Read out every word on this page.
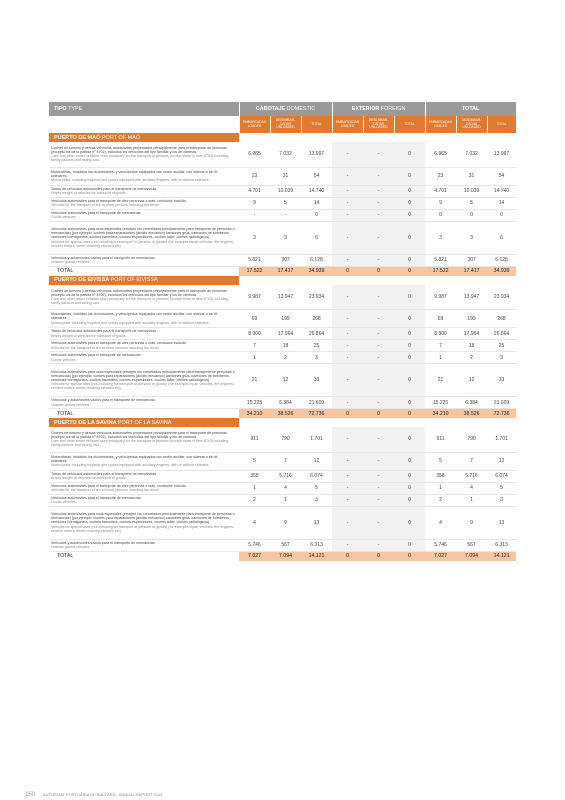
TIPO TYPE	CABOTAJE DOMESTIC			EXTERIOR FOREIGN			TOTAL		
	EMBARCADAS LOADED	DESEMBAR-CADAS UNLOADED	TOTAL	EMBARCADAS LOADED	DESEMBAR-CADAS UNLOADED	TOTAL	EMBARCADAS LOADED	DESEMBAR-CADAS UNLOADED	TOTAL
PUERTO DE MAÓ PORT OF MAÓ									
Coches de turismo y demás vehículos automóviles proyectados principalmente para el transporte de personas (excepto los de la partida nº 8702), incluidos los vehículos del tipo familiar y los de carreras.
Cars and other motor vehicles used principally for the transport of persons (except those in item 8702) including family saloons and racing cars.	6.965	7.032	13.997	-	-	0	6.965	7.032	13.997
Motocicletas, incluidos los ciclomotores, y velocípedos equipados con motor auxiliar, con sidecar o sin él; sidecares.
Motorcycles, including mopeds and cycles equipped with auxiliary engines, with or without sidecars.	23	31	54	-	-	0	23	31	54
Tarros de vehículos automóviles para el transporte de mercancías.
Empty weight of vehicles for transport of goods.	4.701	10.039	14.740	-	-	0	4.701	10.039	14.740
Vehículos automóviles para el transporte de diez personas o más, conductor incluido.
Vehicles for the transport of ten or more persons including the driver.	9	5	14	-	-	0	9	5	14
Vehículos automóviles para el transporte de mercancías.
Goods vehicles.	-	-	0	-	-	0	0	0	0
Vehículos automóviles para usos especiales (excepto los concebidos principalmente para transporte de personas o mercancías) [por ejemplo: coches para reparaciones (auxilio mecánico) camiones grúa, camiones de bomberos, camiones hormigonera, coches barredera, coches esparcidores, coches taller, coches radiológicos].
Vehicles for special uses (not including for transport or persons or goods) (for example repair vehicles, fire engines, cement mixers, street cleaning vehicles etc).	3	3	6	-	-	0	3	3	6
Vehículos y automóviles vacíos para el transporte de mercancías.
Unladen goods vehicles.	5.821	307	6.128	-	-	0	5.821	307	6.128
TOTAL	17.522	17.417	34.939	0	0	0	17.522	17.417	34.939
PUERTO DE EIVISSA PORT OF EIVISSA									
Coches de turismo y demás vehículos automóviles proyectados principalmente para el transporte de personas (excepto los de la partida nº 8702), incluidos los vehículos del tipo familiar y los de carreras.
Cars and other motor vehicles used principally for the transport of persons (except those in item 8702) including family saloons and racing cars.	9.987	13.947	23.934	-	-	0	9.987	13.947	23.934
Motocicletas, incluidos los ciclomotores, y velocípedos equipados con motor auxiliar, con sidecar o sin él; sidecares.
Motorcycles, including mopeds and cycles equipped with auxiliary engines, with or without sidecars.	69	199	268	-	-	0	69	199	268
Tarros de vehículos automóviles para el transporte de mercancías.
Empty weight of vehicles for transport of goods.	8.900	17.964	26.864	-	-	0	8.900	17.964	26.864
Vehículos automóviles para el transporte de diez personas o más, conductor incluido.
Vehicles for the transport of ten or more persons including the driver.	7	18	25	-	-	0	7	18	25
Vehículos automóviles para el transporte de mercancías.
Goods vehicles.	1	2	3	-	-	0	1	2	3
Vehículos automóviles para usos especiales (excepto los concebidos principalmente para transporte de personas o mercancías) [por ejemplo: coches para reparaciones (auxilio mecánico) camiones grúa, camiones de bomberos, camiones hormigonera, coches barredera, coches esparcidores, coches taller, coches radiológicos].
Vehicles for special uses (not including for transport or persons or goods) (for example repair vehicles, fire engines, cement mixers, street cleaning vehicles etc).	21	12	33	-	-	0	21	12	33
Vehículos y automóviles vacíos para el transporte de mercancías.
Unladen goods vehicles.	15.225	6.384	21.609	-	-	0	15.225	6.384	21.609
TOTAL	34.210	38.526	72.736	0	0	0	34.210	38.526	72.736
PUERTO DE LA SAVINA PORT OF LA SAVINA									
Coches de turismo y demás vehículos automóviles proyectados principalmente para el transporte de personas (excepto los de la partida nº 8702), incluidos los vehículos del tipo familiar y los de carreras.
Cars and other motor vehicles used principally for the transport of persons (except those in item 8702) including family saloons and racing cars.	911	790	1.701	-	-	0	911	790	1.701
Motocicletas, incluidos los ciclomotores, y velocípedos equipados con motor auxiliar, con sidecar o sin él; sidecares.
Motorcycles, including mopeds and cycles equipped with auxiliary engines, with or without sidecars.	5	7	12	-	-	0	5	7	12
Tarros de vehículos automóviles para el transporte de mercancías.
Empty weight of vehicles for transport of goods.	358	5.716	6.074	-	-	0	358	5.716	6.074
Vehículos automóviles para el transporte de diez personas o más, conductor incluido.
Vehicles for the transport of ten or more persons including the driver.	1	4	5	-	-	0	1	4	5
Vehículos automóviles para el transporte de mercancías.
Goods vehicles.	2	1	3	-	-	0	2	1	3
Vehículos automóviles para usos especiales (excepto los concebidos principalmente para transporte de personas o mercancías) [por ejemplo: coches para reparaciones (auxilio mecánico) camiones grúa, camiones de bomberos, camiones hormigonera, coches barredera, coches esparcidores, coches taller, coches radiológicos].
Vehicles for special uses (not including for transport or persons or goods) (for example repair vehicles, fire engines, cement mixers, street cleaning vehicles etc).	4	9	13	-	-	0	4	9	13
Vehículos y automóviles vacíos para el transporte de mercancías.
Unladen goods vehicles.	5.746	567	6.313	-	-	0	5.746	567	6.313
TOTAL	7.027	7.094	14.121	0	0	0	7.027	7.094	14.121
150 AUTORITAT PORTUÀRIA DE BALEARS · ANNUAL REPORT 2013
